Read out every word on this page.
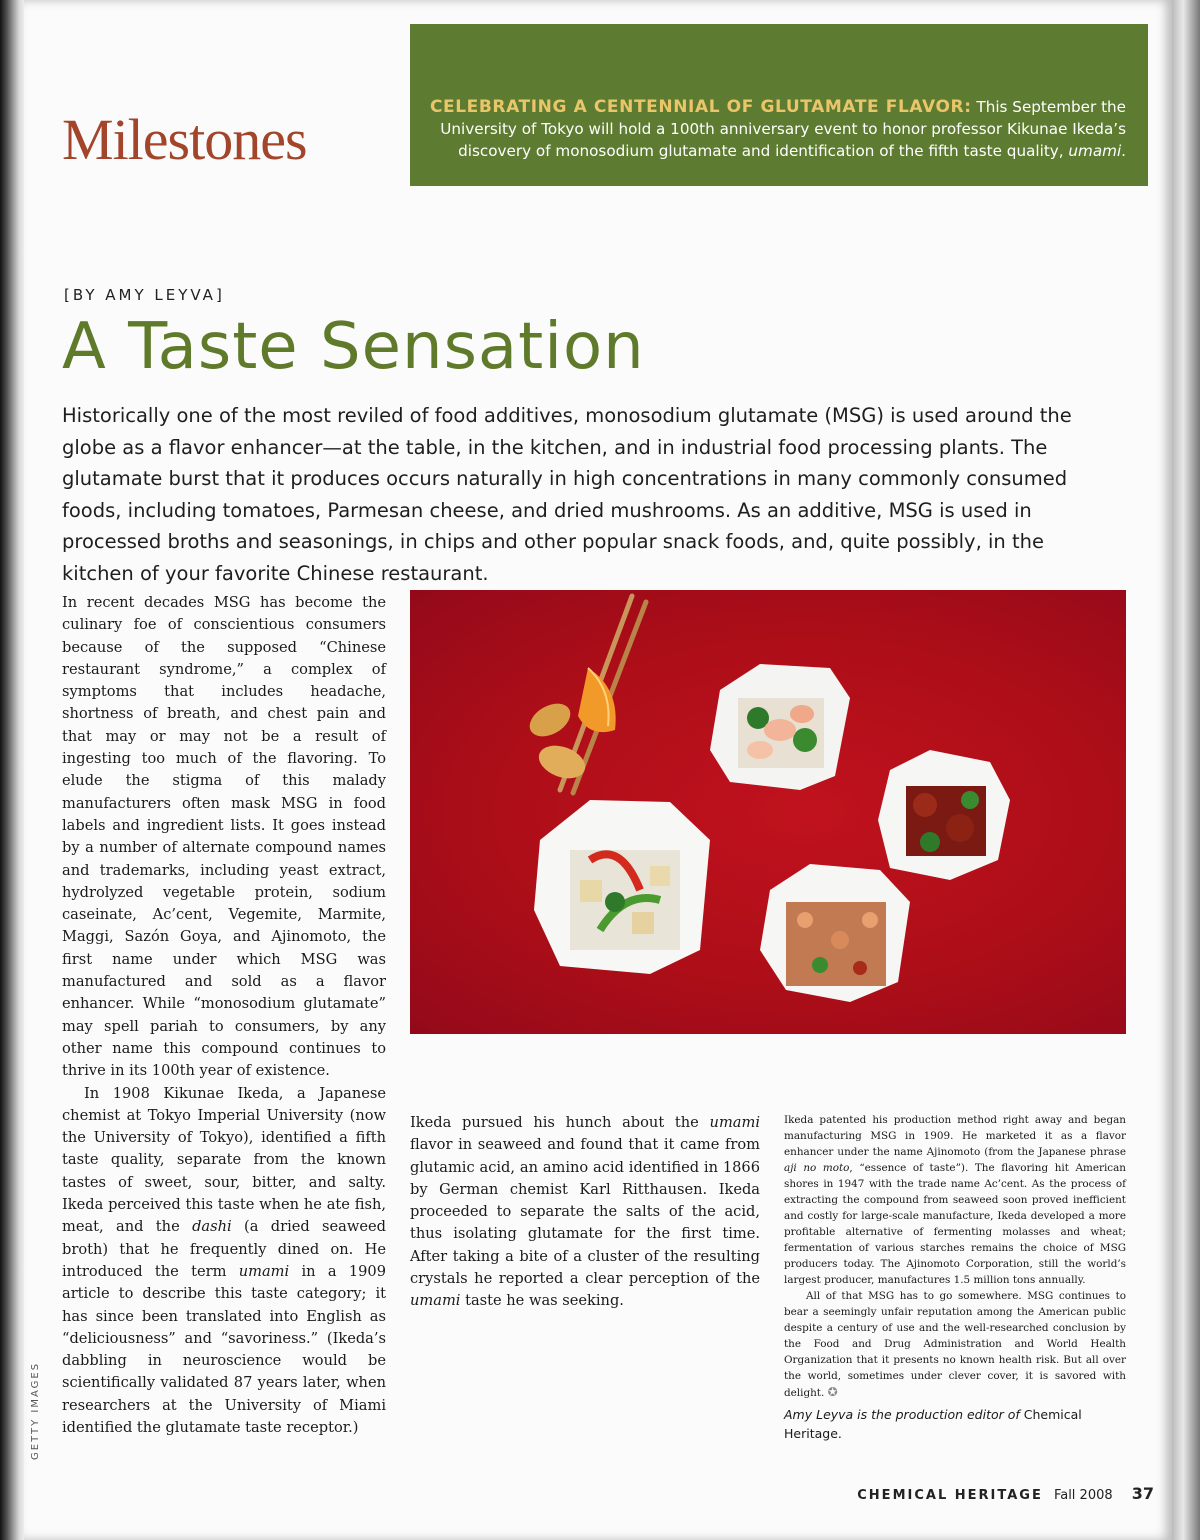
Milestones	CELEBRATING A CENTENNIAL OF GLUTAMATE FLAVOR: This September the University of Tokyo will hold a 100th anniversary event to honor professor Kikunae Ikeda’s discovery of monosodium glutamate and identification of the fifth taste quality, umami.
[BY AMY LEYVA]
A Taste Sensation
Historically one of the most reviled of food additives, monosodium glutamate (MSG) is used around the globe as a flavor enhancer—at the table, in the kitchen, and in industrial food processing plants. The glutamate burst that it produces occurs naturally in high concentrations in many commonly consumed foods, including tomatoes, Parmesan cheese, and dried mushrooms. As an additive, MSG is used in processed broths and seasonings, in chips and other popular snack foods, and, quite possibly, in the kitchen of your favorite Chinese restaurant.

In recent decades MSG has become the culinary foe of conscientious consumers because of the supposed “Chinese restaurant syndrome,” a complex of symptoms that includes headache, shortness of breath, and chest pain and that may or may not be a result of ingesting too much of the flavoring. To elude the stigma of this malady manufacturers often mask MSG in food labels and ingredient lists. It goes instead by a number of alternate compound names and trademarks, including yeast extract, hydrolyzed vegetable protein, sodium caseinate, Ac’cent, Vegemite, Marmite, Maggi, Sazón Goya, and Ajinomoto, the first name under which MSG was manufactured and sold as a flavor enhancer. While “monosodium glutamate” may spell pariah to consumers, by any other name this compound continues to thrive in its 100th year of existence.

In 1908 Kikunae Ikeda, a Japanese chemist at Tokyo Imperial University (now the University of Tokyo), identified a fifth taste quality, separate from the known tastes of sweet, sour, bitter, and salty. Ikeda perceived this taste when he ate fish, meat, and the dashi (a dried seaweed broth) that he frequently dined on. He introduced the term umami in a 1909 article to describe this taste category; it has since been translated into English as “deliciousness” and “savoriness.” (Ikeda’s dabbling in neuroscience would be scientifically validated 87 years later, when researchers at the University of Miami identified the glutamate taste receptor.)

Ikeda pursued his hunch about the umami flavor in seaweed and found that it came from glutamic acid, an amino acid identified in 1866 by German chemist Karl Ritthausen. Ikeda proceeded to separate the salts of the acid, thus isolating glutamate for the first time. After taking a bite of a cluster of the resulting crystals he reported a clear perception of the umami taste he was seeking.

Ikeda patented his production method right away and began manufacturing MSG in 1909. He marketed it as a flavor enhancer under the name Ajinomoto (from the Japanese phrase aji no moto, “essence of taste”). The flavoring hit American shores in 1947 with the trade name Ac’cent. As the process of extracting the compound from seaweed soon proved inefficient and costly for large-scale manufacture, Ikeda developed a more profitable alternative of fermenting molasses and wheat; fermentation of various starches remains the choice of MSG producers today. The Ajinomoto Corporation, still the world’s largest producer, manufactures 1.5 million tons annually.

All of that MSG has to go somewhere. MSG continues to bear a seemingly unfair reputation among the American public despite a century of use and the well-researched conclusion by the Food and Drug Administration and World Health Organization that it presents no known health risk. But all over the world, sometimes under clever cover, it is savored with delight. ✪

Amy Leyva is the production editor of Chemical Heritage.

GETTY IMAGES
CHEMICAL HERITAGE Fall 2008 37
